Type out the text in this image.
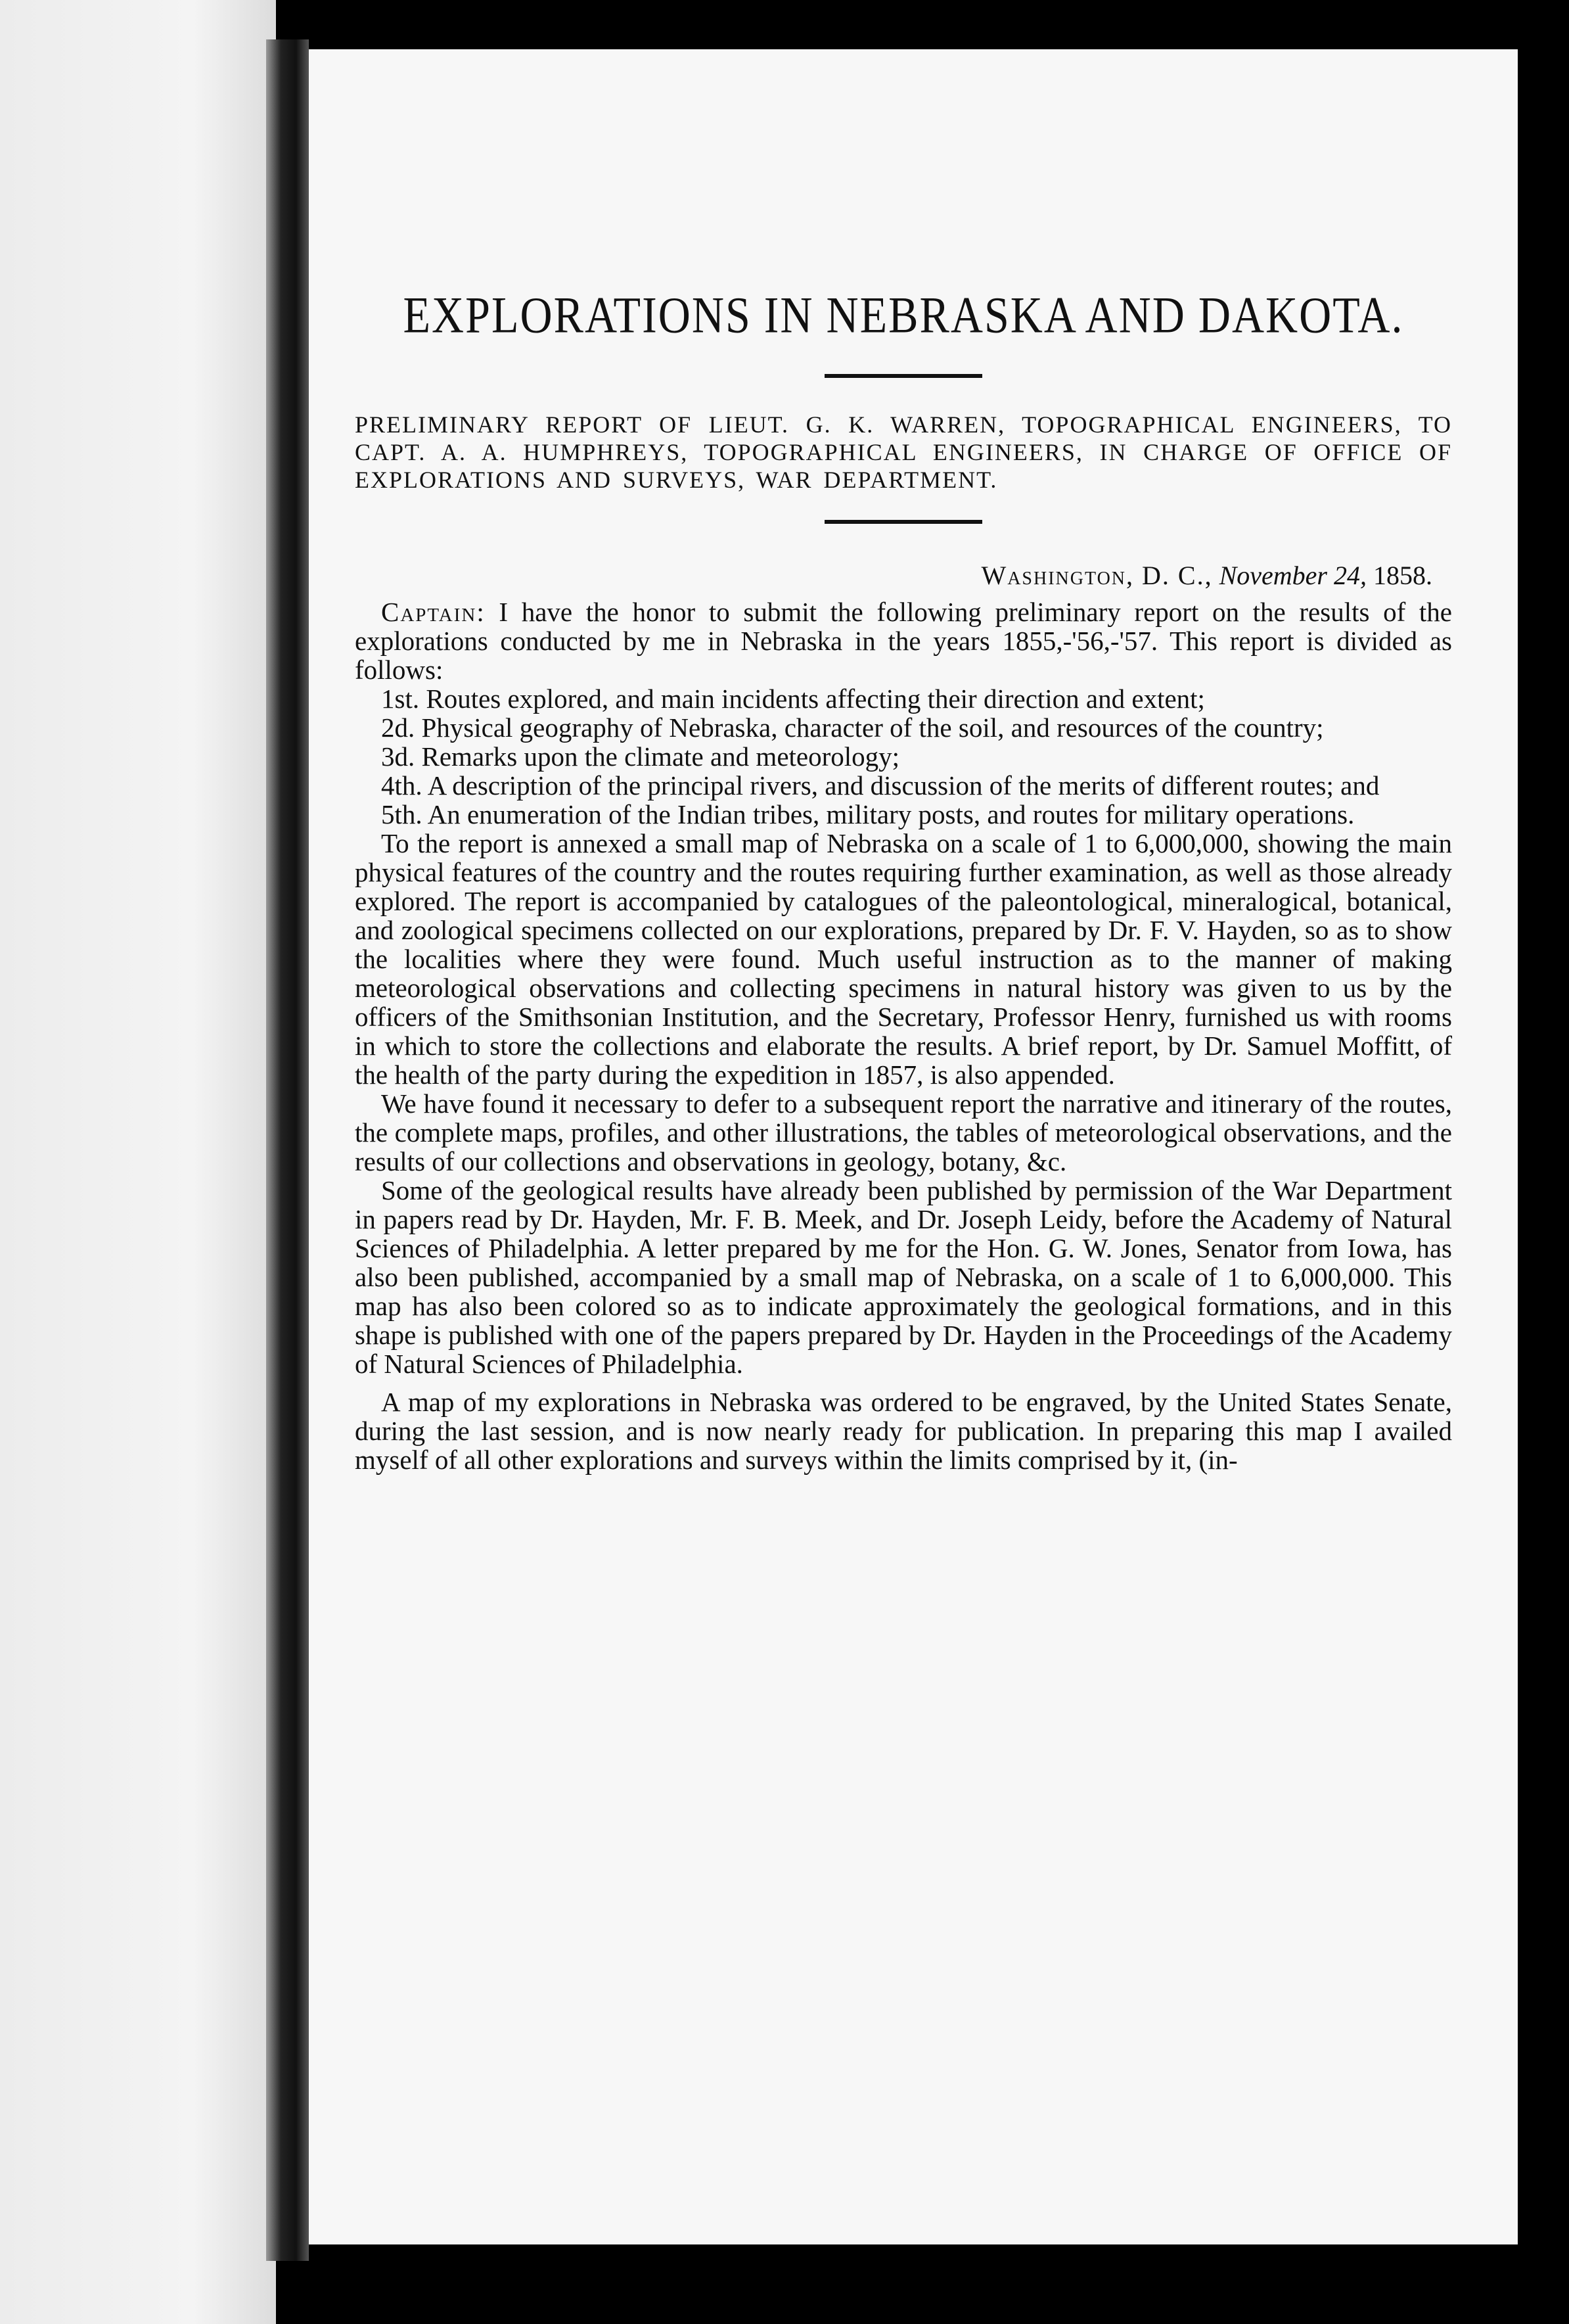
EXPLORATIONS IN NEBRASKA AND DAKOTA.
PRELIMINARY REPORT OF LIEUT. G. K. WARREN, TOPOGRAPHICAL ENGINEERS, TO CAPT. A. A. HUMPHREYS, TOPOGRAPHICAL ENGINEERS, IN CHARGE OF OFFICE OF EXPLORATIONS AND SURVEYS, WAR DEPARTMENT.
Washington, D. C., November 24, 1858.

Captain: I have the honor to submit the following preliminary report on the results of the explorations conducted by me in Nebraska in the years 1855,-'56,-'57. This report is divided as follows:

1st. Routes explored, and main incidents affecting their direction and extent;

2d. Physical geography of Nebraska, character of the soil, and resources of the country;

3d. Remarks upon the climate and meteorology;

4th. A description of the principal rivers, and discussion of the merits of different routes; and

5th. An enumeration of the Indian tribes, military posts, and routes for military operations.

To the report is annexed a small map of Nebraska on a scale of 1 to 6,000,000, showing the main physical features of the country and the routes requiring further examination, as well as those already explored. The report is accompanied by catalogues of the paleontological, mineralogical, botanical, and zoological specimens collected on our explorations, prepared by Dr. F. V. Hayden, so as to show the localities where they were found. Much useful instruction as to the manner of making meteorological observations and collecting specimens in natural history was given to us by the officers of the Smithsonian Institution, and the Secretary, Professor Henry, furnished us with rooms in which to store the collections and elaborate the results. A brief report, by Dr. Samuel Moffitt, of the health of the party during the expedition in 1857, is also appended.

We have found it necessary to defer to a subsequent report the narrative and itinerary of the routes, the complete maps, profiles, and other illustrations, the tables of meteorological observations, and the results of our collections and observations in geology, botany, &c.

Some of the geological results have already been published by permission of the War Department in papers read by Dr. Hayden, Mr. F. B. Meek, and Dr. Joseph Leidy, before the Academy of Natural Sciences of Philadelphia. A letter prepared by me for the Hon. G. W. Jones, Senator from Iowa, has also been published, accompanied by a small map of Nebraska, on a scale of 1 to 6,000,000. This map has also been colored so as to indicate approximately the geological formations, and in this shape is published with one of the papers prepared by Dr. Hayden in the Proceedings of the Academy of Natural Sciences of Philadelphia.

A map of my explorations in Nebraska was ordered to be engraved, by the United States Senate, during the last session, and is now nearly ready for publication. In preparing this map I availed myself of all other explorations and surveys within the limits comprised by it, (in-
